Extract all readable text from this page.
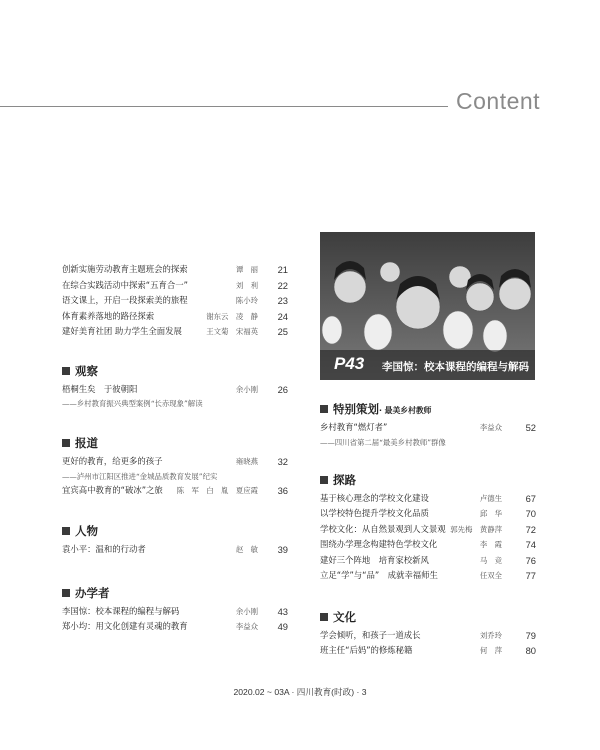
Content
创新实施劳动教育主题班会的探索	谭　丽	21
在综合实践活动中探索“五育合一”	刘　利	22
语文课上，开启一段探索美的旅程	陈小玲	23
体育素养落地的路径探索	谢东云　凌　静	24
建好美育社团 助力学生全面发展	王文菊　宋福英	25
观察
梧桐生矣　于彼朝阳	余小刚	26
——乡村教育振兴典型案例“长赤现象”解读
报道
更好的教育，给更多的孩子	雍晓燕	32
——泸州市江阳区推进“金城品质教育发展”纪实
宜宾高中教育的“破冰”之旅 陈　军　白　胤　夏应霞	36
人物
袁小平：温和的行动者	赵　敏	39
办学者
李国惊：校本课程的编程与解码	余小刚	43
郑小均：用文化创建有灵魂的教育	李益众	49
P43 李国惊：校本课程的编程与解码
特别策划· 最美乡村教师
乡村教育“燃灯者”	李益众	52
——四川省第二届“最美乡村教师”群像
探路
基于核心理念的学校文化建设	卢德生	67
以学校特色提升学校文化品质	邱　华	70
学校文化：从自然景观到人文景观 郭先梅　黄静萍	72
围绕办学理念构建特色学校文化	李　霞	74
建好三个阵地　培育家校新风	马　竞	76
立足“学”与“品”　成就幸福师生	任双全	77
文化
学会倾听，和孩子一道成长	刘乔玲	79
班主任“后妈”的修炼秘籍	何　萍	80
2020.02 ~ 03A · 四川教育(时政) · 3
